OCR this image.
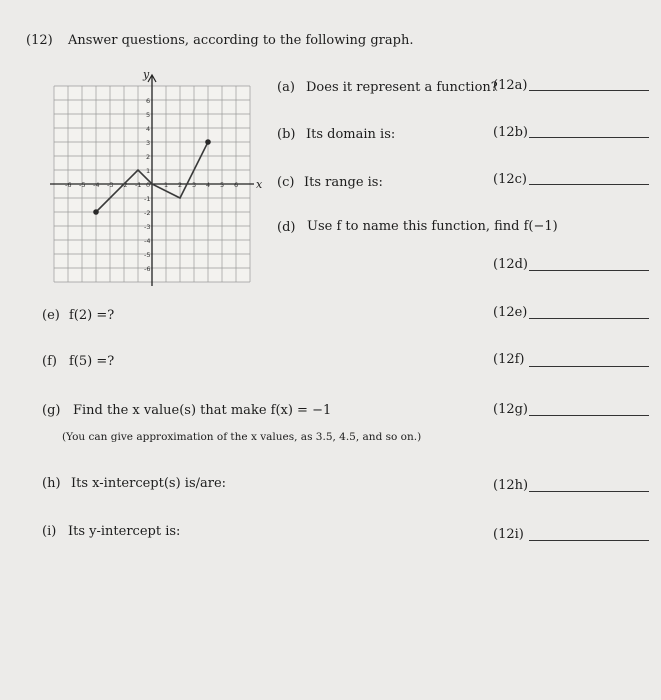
(12) Answer questions, according to the following graph.
y
x
-6 -5 -4 -3 -2 -1	1 2 3 4 5 6
1
2
3
4
5
6
-1
-2
-3
-4
-5
-6
0
(a) Does it represent a function?
(12a)
(b) Its domain is:	(12b)
(c) Its range is:	(12c)
(d) Use f to name this function, find f(−1)
(12d)
(e) f(2) =?	(12e)
(f) f(5) =?	(12f)
(g) Find the x value(s) that make f(x) = −1
(You can give approximation of the x values, as 3.5, 4.5, and so on.)
(12g)
(h) Its x-intercept(s) is/are:	(12h)
(i) Its y-intercept is:	(12i)
